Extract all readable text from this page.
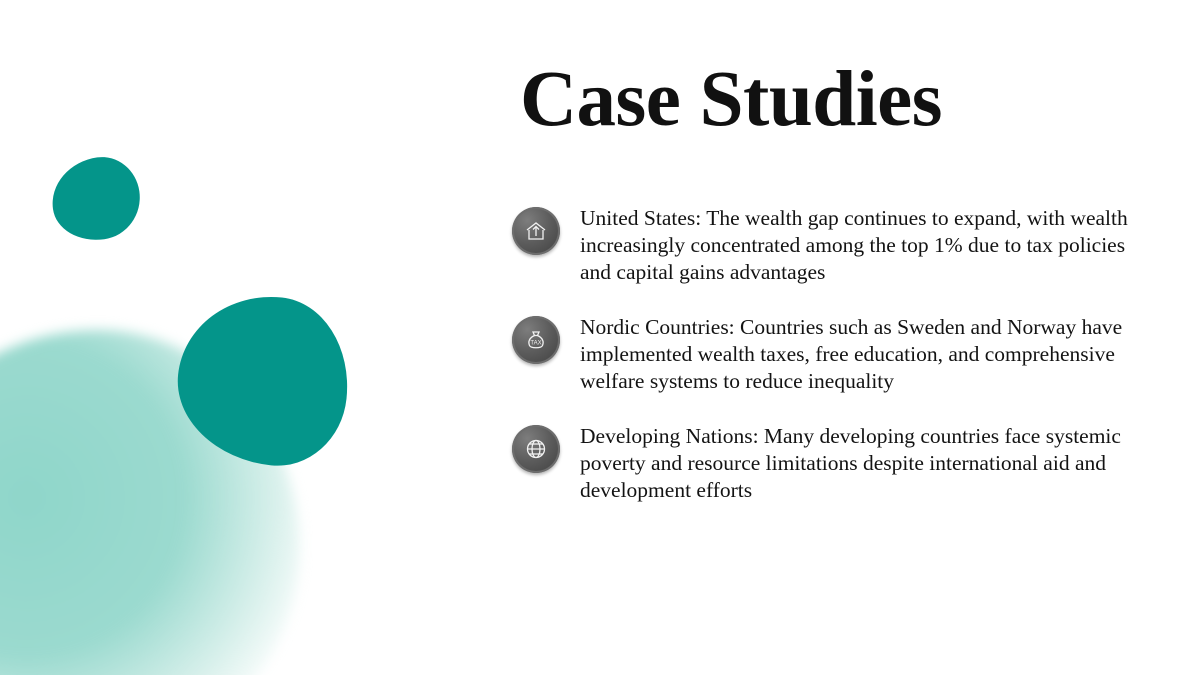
Case Studies
United States: The wealth gap continues to expand, with wealth increasingly concentrated among the top 1% due to tax policies and capital gains advantages
TAX
Nordic Countries: Countries such as Sweden and Norway have implemented wealth taxes, free education, and comprehensive welfare systems to reduce inequality
Developing Nations: Many developing countries face systemic poverty and resource limitations despite international aid and development efforts
